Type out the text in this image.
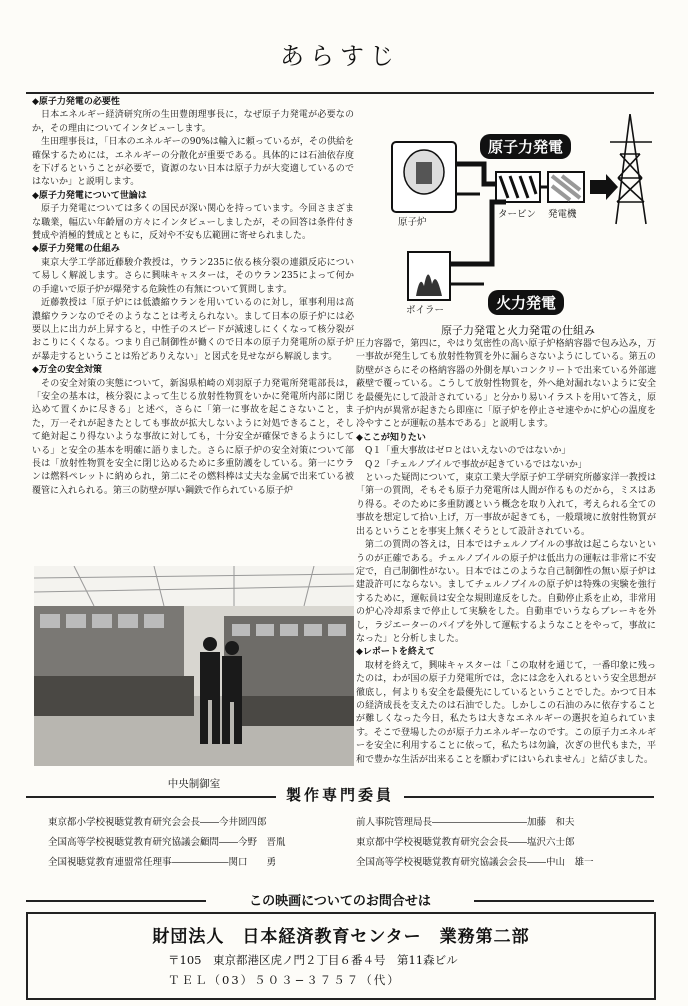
あらすじ
◆原子力発電の必要性

日本エネルギー経済研究所の生田豊朗理事長に，なぜ原子力発電が必要なのか，その理由についてインタビューします。

生田理事長は，「日本のエネルギーの90%は輸入に頼っているが，その供給を確保するためには，エネルギーの分散化が重要である。具体的には石油依存度を下げるということが必要で，資源のない日本は原子力が大変適しているのではないか」と説明します。

◆原子力発電について世論は

原子力発電については多くの国民が深い関心を持っています。今回さまざまな職業，幅広い年齢層の方々にインタビューしましたが，その回答は条件付き賛成や消極的賛成とともに，反対や不安も広範囲に寄せられました。

◆原子力発電の仕組み

東京大学工学部近藤駿介教授は，ウラン235に依る核分裂の連鎖反応について易しく解説します。さらに興味キャスターは，そのウラン235によって何かの手違いで原子炉が爆発する危険性の有無について質問します。

近藤教授は「原子炉には低濃縮ウランを用いているのに対し，軍事利用は高濃縮ウランなのでそのようなことは考えられない。まして日本の原子炉には必要以上に出力が上昇すると，中性子のスピードが減速しにくくなって核分裂がおこりにくくなる。つまり自己制御性が働くので日本の原子力発電所の原子炉が暴走するということは殆どありえない」と図式を見せながら解説します。

◆万全の安全対策

その安全対策の実態について，新潟県柏崎の刈羽原子力発電所発電部長は，「安全の基本は，核分裂によって生じる放射性物質をいかに発電所内部に閉じ込めて置くかに尽きる」と述べ，さらに「第一に事故を起こさないこと，また，万一それが起きたとしても事故が拡大しないように対処できること，そして絶対起こり得ないような事故に対しても，十分安全が確保できるようにしている」と安全の基本を明確に語りました。さらに原子炉の安全対策について部長は「放射性物質を安全に閉じ込めるために多重防護をしている。第一にウランは燃料ペレットに納められ，第二にその燃料棒は丈夫な金属で出来ている被覆管に入れられる。第三の防壁が厚い鋼鉄で作られている原子炉

原子力発電
火力発電
原子炉
タービン 発電機
ボイラー
原子力発電と火力発電の仕組み

圧力容器で，第四に，やはり気密性の高い原子炉格納容器で包み込み，万一事故が発生しても放射性物質を外に漏らさないようにしている。第五の防壁がさらにその格納容器の外側を厚いコンクリートで出来ている外部遮蔽壁で覆っている。こうして放射性物質を，外へ絶対漏れないように安全を最優先にして設計されている」と分かり易いイラストを用いて答え，原子炉内が異常が起きたら即座に「原子炉を停止させ速やかに炉心の温度を冷やすことが運転の基本である」と説明します。

◆ここが知りたい

Q１「重大事故はゼロとはいえないのではないか」

Q２「チェルノブイルで事故が起きているではないか」

といった疑問について，東京工業大学原子炉工学研究所藤家洋一教授は「第一の質問，そもそも原子力発電所は人間が作るものだから，ミスはあり得る。そのために多重防護という概念を取り入れて，考えられる全ての事故を想定して拾い上げ，万一事故が起きても，一般環境に放射性物質が出るということを事実上無くそうとして設計されている。

第二の質問の答えは，日本ではチェルノブイルの事故は起こらないというのが正確である。チェルノブイルの原子炉は低出力の運転は非常に不安定で，自己制御性がない。日本ではこのような自己制御性の無い原子炉は建設許可にならない。ましてチェルノブイルの原子炉は特殊の実験を強行するために，運転員は安全な規則違反をした。自動停止系を止め，非常用の炉心冷却系まで停止して実験をした。自動車でいうならブレーキを外し，ラジエーターのパイプを外して運転するようなことをやって，事故になった」と分析しました。

◆レポートを終えて

取材を終えて，興味キャスターは「この取材を通じて，一番印象に残ったのは，わが国の原子力発電所では，念には念を入れるという安全思想が徹底し，何よりも安全を最優先にしているということでした。かつて日本の経済成長を支えたのは石油でした。しかしこの石油のみに依存することが難しくなった今日，私たちは大きなエネルギーの選択を迫られています。そこで登場したのが原子力エネルギーなのです。この原子力エネルギーを安全に利用することに依って，私たちは勿論，次ぎの世代もまた，平和で豊かな生活が出来ることを願わずにはいられません」と結びました。

中央制御室
製作専門委員
東京都小学校視聴覚教育研究会会長――今井圀四郎
全国高等学校視聴覚教育研究協議会顧問――今野　晋胤
全国視聴覚教育連盟常任理事――――――関口　　勇
前人事院管理局長――――――――――加藤　和夫
東京都中学校視聴覚教育研究会会長――塩沢六士郎
全国高等学校視聴覚教育研究協議会会長――中山　雄一
この映画についてのお問合せは
財団法人　日本経済教育センター　業務第二部
〒105　東京都港区虎ノ門２丁目６番４号　第11森ビル
ＴＥＬ（03）５０３−３７５７（代）
